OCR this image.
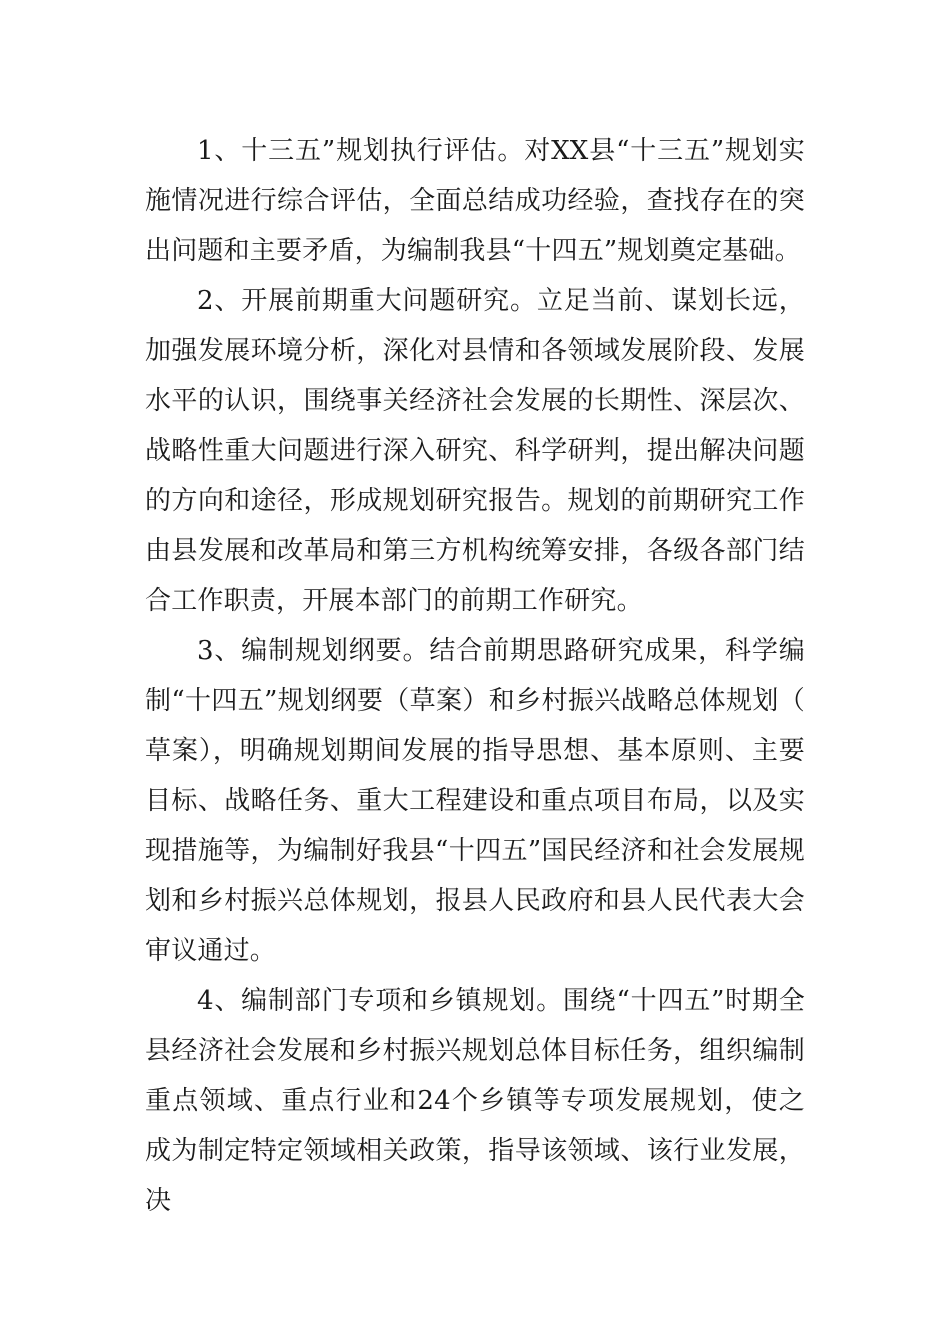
1、十三五”规划执行评估。对XX县“十三五”规划实施情况进行综合评估，全面总结成功经验，查找存在的突出问题和主要矛盾，为编制我县“十四五”规划奠定基础。

2、开展前期重大问题研究。立足当前、谋划长远，加强发展环境分析，深化对县情和各领域发展阶段、发展水平的认识，围绕事关经济社会发展的长期性、深层次、战略性重大问题进行深入研究、科学研判，提出解决问题的方向和途径，形成规划研究报告。规划的前期研究工作由县发展和改革局和第三方机构统筹安排，各级各部门结合工作职责，开展本部门的前期工作研究。

3、编制规划纲要。结合前期思路研究成果，科学编制“十四五”规划纲要（草案）和乡村振兴战略总体规划（草案），明确规划期间发展的指导思想、基本原则、主要目标、战略任务、重大工程建设和重点项目布局，以及实现措施等，为编制好我县“十四五”国民经济和社会发展规划和乡村振兴总体规划，报县人民政府和县人民代表大会审议通过。

4、编制部门专项和乡镇规划。围绕“十四五”时期全县经济社会发展和乡村振兴规划总体目标任务，组织编制重点领域、重点行业和24个乡镇等专项发展规划，使之成为制定特定领域相关政策，指导该领域、该行业发展，决
